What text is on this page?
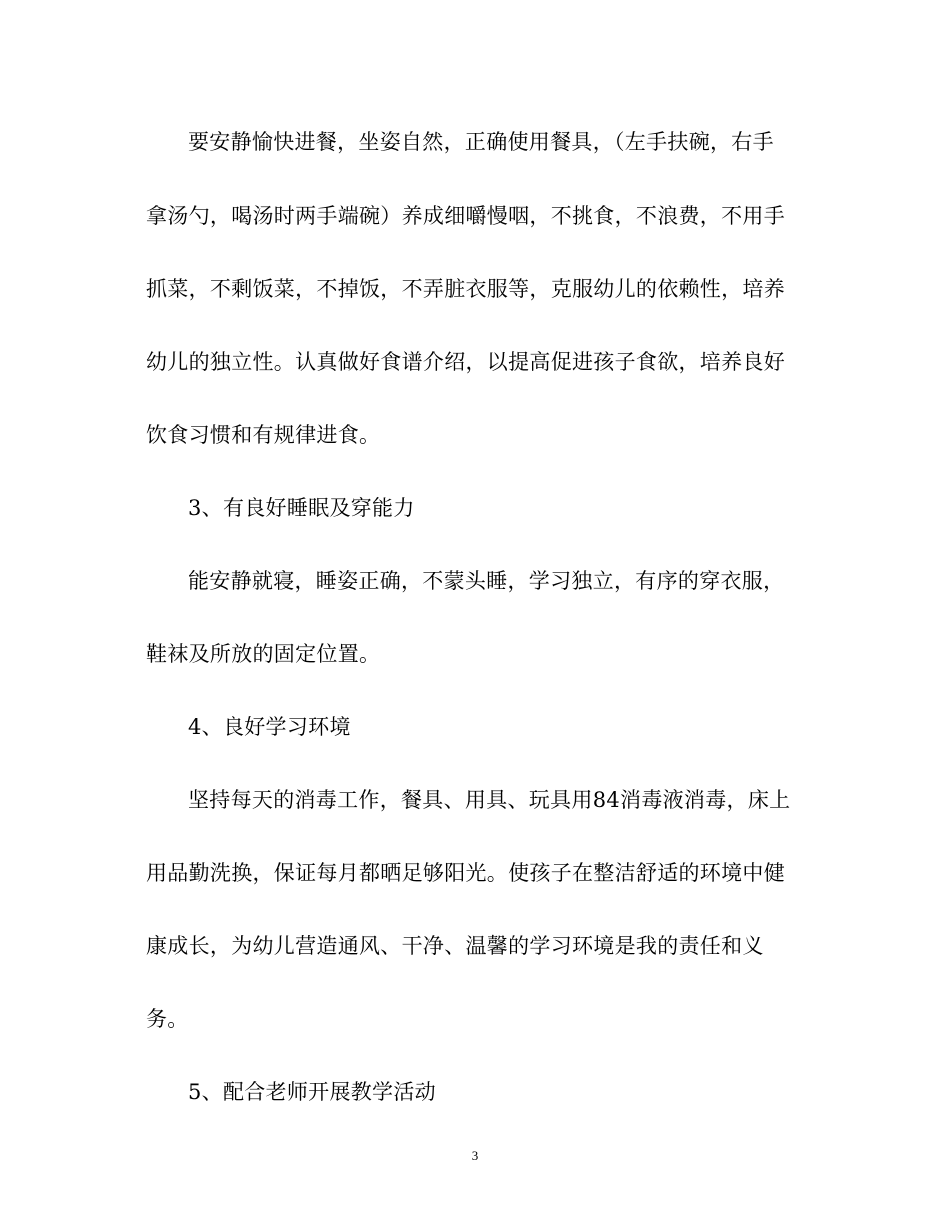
要安静愉快进餐，坐姿自然，正确使用餐具，（左手扶碗，右手
拿汤勺，喝汤时两手端碗）养成细嚼慢咽，不挑食，不浪费，不用手
抓菜，不剩饭菜，不掉饭，不弄脏衣服等，克服幼儿的依赖性，培养
幼儿的独立性。认真做好食谱介绍，以提高促进孩子食欲，培养良好
饮食习惯和有规律进食。
3、有良好睡眠及穿能力
能安静就寝，睡姿正确，不蒙头睡，学习独立，有序的穿衣服，
鞋袜及所放的固定位置。
4、良好学习环境
坚持每天的消毒工作，餐具、用具、玩具用84消毒液消毒，床上
用品勤洗换，保证每月都晒足够阳光。使孩子在整洁舒适的环境中健
康成长，为幼儿营造通风、干净、温馨的学习环境是我的责任和义
务。
5、配合老师开展教学活动
3
